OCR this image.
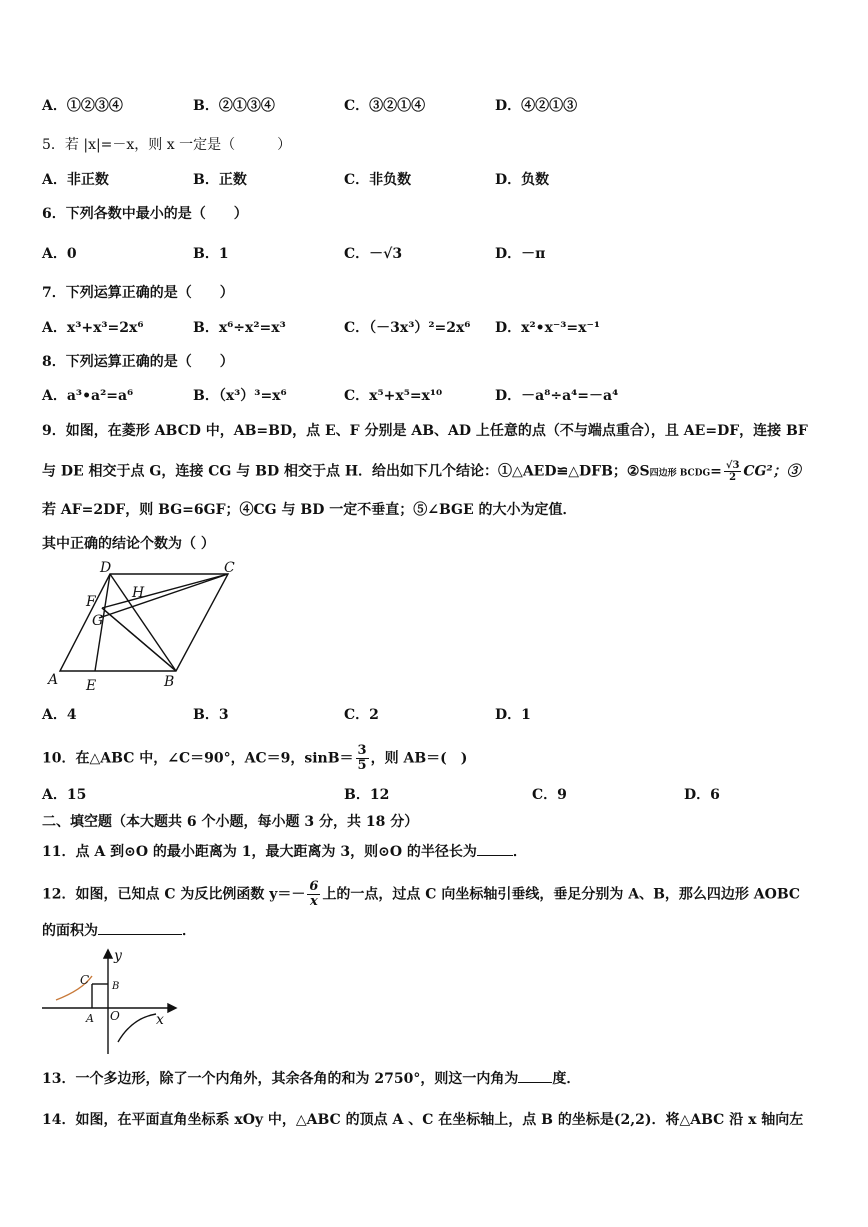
A．①②③④	B．②①③④	C．③②①④	D．④②①③
5．若 |x|=－x，则 x 一定是（　　　）
A．非正数	B．正数	C．非负数	D．负数
6．下列各数中最小的是（　　）
A．0	B．1	C．－√3	D．－π
7．下列运算正确的是（　　）
A．x³+x³=2x⁶	B．x⁶÷x²=x³	C．（－3x³）²=2x⁶ D．x²•x⁻³=x⁻¹
8．下列运算正确的是（　　）
A．a³•a²=a⁶	B．（x³）³=x⁶	C．x⁵+x⁵=x¹⁰	D．－a⁸÷a⁴=－a⁴
9．如图，在菱形 ABCD 中，AB=BD，点 E、F 分别是 AB、AD 上任意的点（不与端点重合），且 AE=DF，连接 BF
与 DE 相交于点 G，连接 CG 与 BD 相交于点 H．给出如下几个结论：①△AED≌△DFB；②S四边形 BCDG= $\frac{√3}{2} CG^2$；③
若 AF=2DF，则 BG=6GF；④CG 与 BD 一定不垂直；⑤∠BGE 的大小为定值．
其中正确的结论个数为（ ）
D	C
H
F
G
A E	B
A．4	B．3	C．2	D．1
10．在△ABC 中，∠C＝90°，AC＝9，$\sin B= \frac{3}{5}$ ，则 AB＝(　)
A．15	B．12	C．9	D．6
二、填空题（本大题共 6 个小题，每小题 3 分，共 18 分）
11．点 A 到⊙O 的最小距离为 1，最大距离为 3，则⊙O 的半径长为	．
12．如图，已知点 C 为反比例函数 $y=- \frac{6}{x}$ 上的一点，过点 C 向坐标轴引垂线，垂足分别为 A、B，那么四边形 AOBC
的面积为	．
y
C B
A O	x
13．一个多边形，除了一个内角外，其余各角的和为 2750°，则这一内角为 度．
14．如图，在平面直角坐标系 xOy 中，△ABC 的顶点 A 、C 在坐标轴上，点 B 的坐标是(2,2)．将△ABC 沿 x 轴向左
